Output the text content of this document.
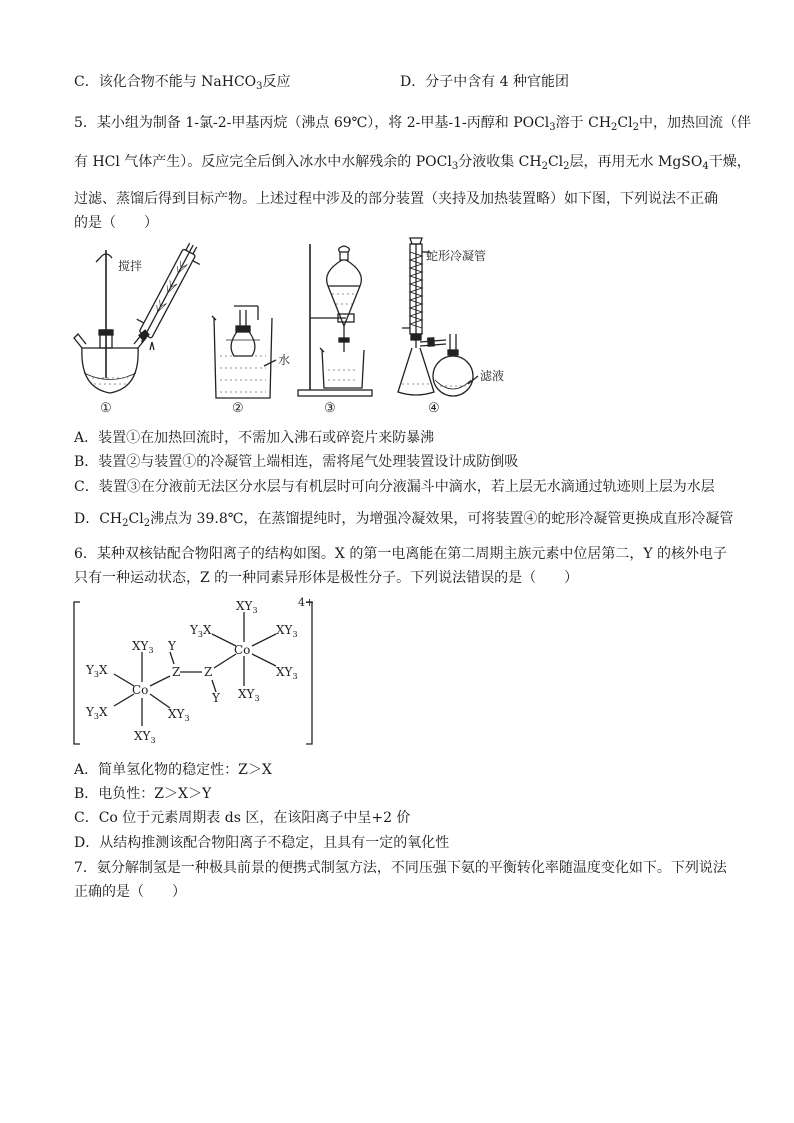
C．该化合物不能与 NaHCO$_3$反应	D．分子中含有 4 种官能团
5．某小组为制备 1-氯-2-甲基丙烷（沸点 69℃），将 2-甲基-1-丙醇和 POCl$_3$溶于 $CH_2Cl_2$中，加热回流（伴
有 HCl 气体产生）。反应完全后倒入冰水中水解残余的 POCl$_3$分液收集 $CH_2Cl_2$层，再用无水 MgSO$_4$干燥，
过滤、蒸馏后得到目标产物。上述过程中涉及的部分装置（夹持及加热装置略）如下图，下列说法不正确
的是（　　）
搅拌
水
滤液
蛇形冷凝管
①	②	③	④
A．装置①在加热回流时，不需加入沸石或碎瓷片来防暴沸
B．装置②与装置①的冷凝管上端相连，需将尾气处理装置设计成防倒吸
C．装置③在分液前无法区分水层与有机层时可向分液漏斗中滴水，若上层无水滴通过轨迹则上层为水层
D．$CH_2Cl_2$沸点为 39.8℃，在蒸馏提纯时，为增强冷凝效果，可将装置④的蛇形冷凝管更换成直形冷凝管
6．某种双核钴配合物阳离子的结构如图。X 的第一电离能在第二周期主族元素中位居第二，Y 的核外电子
只有一种运动状态，Z 的一种同素异形体是极性分子。下列说法错误的是（　　）
4+
Co
$XY_3$
$Y_3X$	$XY_3$
$XY_3$
$XY_3$
Y
Z Z
Y
Co
$XY_3$
$Y_3X$
$Y_3X$	$XY_3$
$XY_3$
A．简单氢化物的稳定性：Z＞X
B．电负性：Z＞X＞Y
C．Co 位于元素周期表 ds 区，在该阳离子中呈+2 价
D．从结构推测该配合物阳离子不稳定，且具有一定的氧化性
7．氨分解制氢是一种极具前景的便携式制氢方法，不同压强下氨的平衡转化率随温度变化如下。下列说法
正确的是（　　）
